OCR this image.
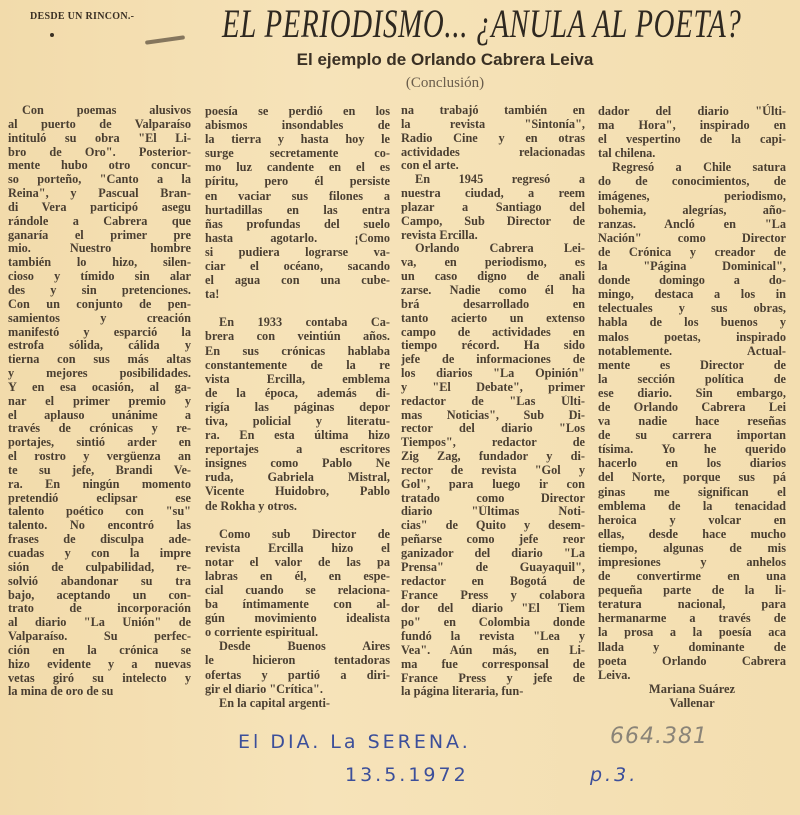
DESDE UN RINCON.- EL PERIODISMO... ¿ANULA AL POETA?
El ejemplo de Orlando Cabrera Leiva
(Conclusión)
Con poemas alusivos
al puerto de Valparaíso
intituló su obra "El Li-
bro de Oro". Posterior-
mente hubo otro concur-
so porteño, "Canto a la
Reina", y Pascual Bran-
di Vera participó asegu
rándole a Cabrera que
ganaría el primer pre
mio. Nuestro hombre
también lo hizo, silen-
cioso y tímido sin alar
des y sin pretenciones.
Con un conjunto de pen-
samientos y creación
manifestó y esparció la
estrofa sólida, cálida y
tierna con sus más altas
y mejores posibilidades.
Y en esa ocasión, al ga-
nar el primer premio y
el aplauso unánime a
través de crónicas y re-
portajes, sintió arder en
el rostro y vergüenza an
te su jefe, Brandi Ve-
ra. En ningún momento
pretendió eclipsar ese
talento poético con "su"
talento. No encontró las
frases de disculpa ade-
cuadas y con la impre
sión de culpabilidad, re-
solvió abandonar su tra
bajo, aceptando un con-
trato de incorporación
al diario "La Unión" de
Valparaíso. Su perfec-
ción en la crónica se
hizo evidente y a nuevas
vetas giró su intelecto y
la mina de oro de su
poesía se perdió en los
abismos insondables de
la tierra y hasta hoy le
surge secretamente co-
mo luz candente en el es
píritu, pero él persiste
en vaciar sus filones a
hurtadillas en las entra
ñas profundas del suelo
hasta agotarlo. ¡Como
si pudiera lograrse va-
ciar el océano, sacando
el agua con una cube-
ta!
En 1933 contaba Ca-
brera con veintiún años.
En sus crónicas hablaba
constantemente de la re
vista Ercilla, emblema
de la época, además di-
rigía las páginas depor
tiva, policial y literatu-
ra. En esta última hizo
reportajes a escritores
insignes como Pablo Ne
ruda, Gabriela Mistral,
Vicente Huidobro, Pablo
de Rokha y otros.
Como sub Director de
revista Ercilla hizo el
notar el valor de las pa
labras en él, en espe-
cial cuando se relaciona-
ba íntimamente con al-
gún movimiento idealista
o corriente espiritual.
Desde Buenos Aires
le hicieron tentadoras
ofertas y partió a diri-
gir el diario "Crítica".
En la capital argenti-
na trabajó también en
la revista "Sintonía",
Radio Cine y en otras
actividades relacionadas
con el arte.
En 1945 regresó a
nuestra ciudad, a reem
plazar a Santiago del
Campo, Sub Director de
revista Ercilla.
Orlando Cabrera Lei-
va, en periodismo, es
un caso digno de anali
zarse. Nadie como él ha
brá desarrollado en
tanto acierto un extenso
campo de actividades en
tiempo récord. Ha sido
jefe de informaciones de
los diarios "La Opinión"
y "El Debate", primer
redactor de "Las Últi-
mas Noticias", Sub Di-
rector del diario "Los
Tiempos", redactor de
Zig Zag, fundador y di-
rector de revista "Gol y
Gol", para luego ir con
tratado como Director
diario "Últimas Noti-
cias" de Quito y desem-
peñarse como jefe reor
ganizador del diario "La
Prensa" de Guayaquil",
redactor en Bogotá de
France Press y colabora
dor del diario "El Tiem
po" en Colombia donde
fundó la revista "Lea y
Vea". Aún más, en Li-
ma fue corresponsal de
France Press y jefe de
la página literaria, fun-
dador del diario "Últi-
ma Hora", inspirado en
el vespertino de la capi-
tal chilena.
Regresó a Chile satura
do de conocimientos, de
imágenes, periodismo,
bohemia, alegrías, año-
ranzas. Ancló en "La
Nación" como Director
de Crónica y creador de
la "Página Dominical",
donde domingo a do-
mingo, destaca a los in
telectuales y sus obras,
habla de los buenos y
malos poetas, inspirado
notablemente. Actual-
mente es Director de
la sección política de
ese diario. Sin embargo,
de Orlando Cabrera Lei
va nadie hace reseñas
de su carrera importan
tísima. Yo he querido
hacerlo en los diarios
del Norte, porque sus pá
ginas me significan el
emblema de la tenacidad
heroica y volcar en
ellas, desde hace mucho
tiempo, algunas de mis
impresiones y anhelos
de convertirme en una
pequeña parte de la li-
teratura nacional, para
hermanarme a través de
la prosa a la poesía aca
llada y dominante de
poeta Orlando Cabrera
Leiva.
Mariana Suárez
Vallenar
El DIA. La SERENA.
13.5.1972	p.3.
664.381
